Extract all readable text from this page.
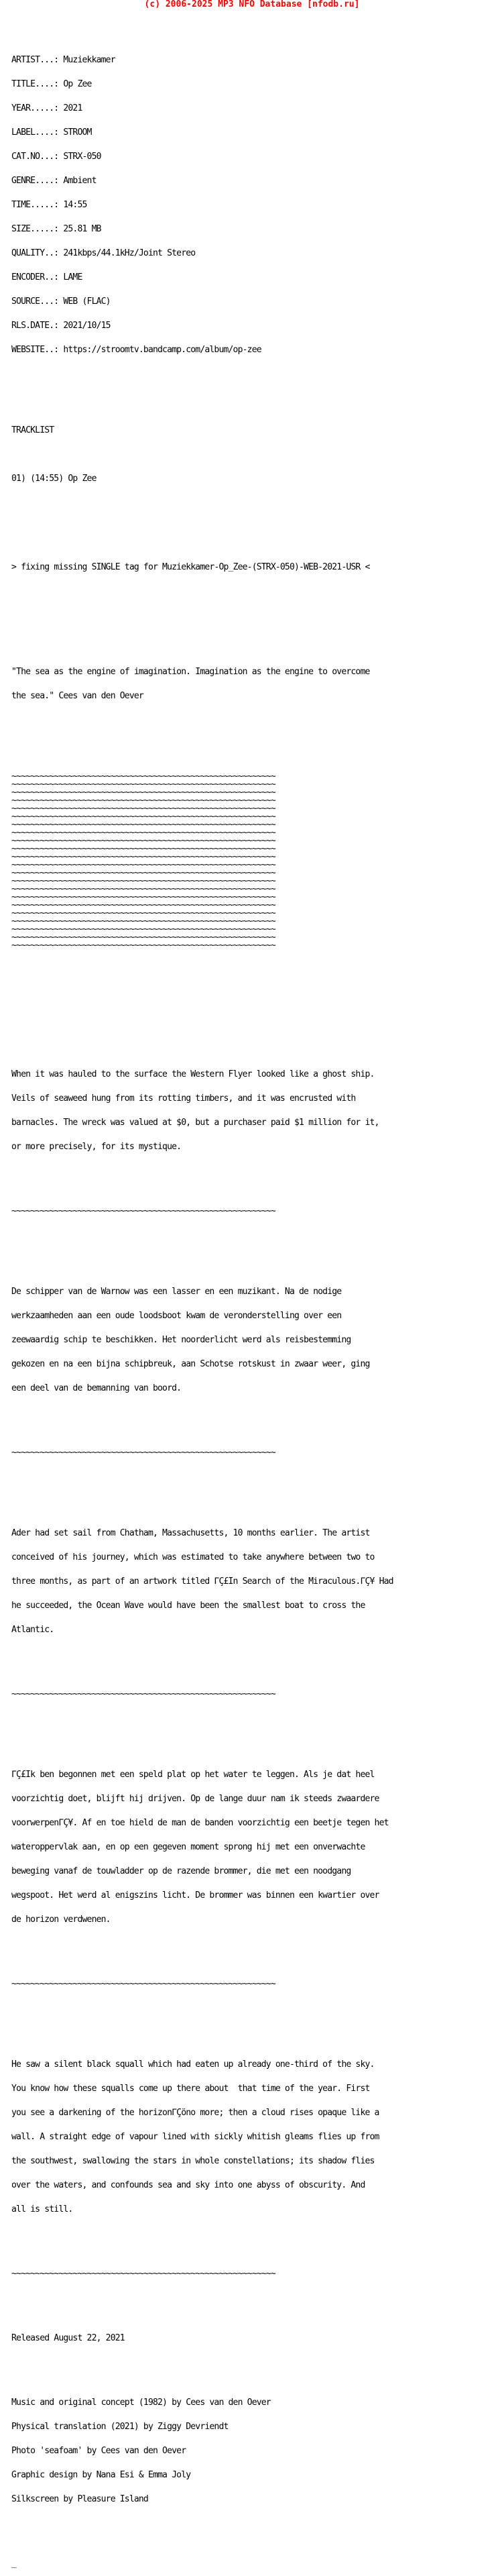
(c) 2006-2025 MP3 NFO Database [nfodb.ru]

ARTIST...: Muziekkamer

TITLE....: Op Zee

YEAR.....: 2021

LABEL....: STROOM

CAT.NO...: STRX-050

GENRE....: Ambient

TIME.....: 14:55

SIZE.....: 25.81 MB

QUALITY..: 241kbps/44.1kHz/Joint Stereo

ENCODER..: LAME

SOURCE...: WEB (FLAC)

RLS.DATE.: 2021/10/15

WEBSITE..: https://stroomtv.bandcamp.com/album/op-zee

TRACKLIST

01) (14:55) Op Zee

> fixing missing SINGLE tag for Muziekkamer-Op_Zee-(STRX-050)-WEB-2021-USR <

"The sea as the engine of imagination. Imagination as the engine to overcome

the sea." Cees van den Oever

~~~~~~~~~~~~~~~~~~~~~~~~~~~~~~~~~~~~~~~~~~~~~~~~~~~~~~~~
~~~~~~~~~~~~~~~~~~~~~~~~~~~~~~~~~~~~~~~~~~~~~~~~~~~~~~~~
~~~~~~~~~~~~~~~~~~~~~~~~~~~~~~~~~~~~~~~~~~~~~~~~~~~~~~~~
~~~~~~~~~~~~~~~~~~~~~~~~~~~~~~~~~~~~~~~~~~~~~~~~~~~~~~~~
~~~~~~~~~~~~~~~~~~~~~~~~~~~~~~~~~~~~~~~~~~~~~~~~~~~~~~~~
~~~~~~~~~~~~~~~~~~~~~~~~~~~~~~~~~~~~~~~~~~~~~~~~~~~~~~~~
~~~~~~~~~~~~~~~~~~~~~~~~~~~~~~~~~~~~~~~~~~~~~~~~~~~~~~~~
~~~~~~~~~~~~~~~~~~~~~~~~~~~~~~~~~~~~~~~~~~~~~~~~~~~~~~~~
~~~~~~~~~~~~~~~~~~~~~~~~~~~~~~~~~~~~~~~~~~~~~~~~~~~~~~~~
~~~~~~~~~~~~~~~~~~~~~~~~~~~~~~~~~~~~~~~~~~~~~~~~~~~~~~~~
~~~~~~~~~~~~~~~~~~~~~~~~~~~~~~~~~~~~~~~~~~~~~~~~~~~~~~~~
~~~~~~~~~~~~~~~~~~~~~~~~~~~~~~~~~~~~~~~~~~~~~~~~~~~~~~~~
~~~~~~~~~~~~~~~~~~~~~~~~~~~~~~~~~~~~~~~~~~~~~~~~~~~~~~~~
~~~~~~~~~~~~~~~~~~~~~~~~~~~~~~~~~~~~~~~~~~~~~~~~~~~~~~~~
~~~~~~~~~~~~~~~~~~~~~~~~~~~~~~~~~~~~~~~~~~~~~~~~~~~~~~~~
~~~~~~~~~~~~~~~~~~~~~~~~~~~~~~~~~~~~~~~~~~~~~~~~~~~~~~~~
~~~~~~~~~~~~~~~~~~~~~~~~~~~~~~~~~~~~~~~~~~~~~~~~~~~~~~~~
~~~~~~~~~~~~~~~~~~~~~~~~~~~~~~~~~~~~~~~~~~~~~~~~~~~~~~~~
~~~~~~~~~~~~~~~~~~~~~~~~~~~~~~~~~~~~~~~~~~~~~~~~~~~~~~~~
~~~~~~~~~~~~~~~~~~~~~~~~~~~~~~~~~~~~~~~~~~~~~~~~~~~~~~~~
~~~~~~~~~~~~~~~~~~~~~~~~~~~~~~~~~~~~~~~~~~~~~~~~~~~~~~~~
~~~~~~~~~~~~~~~~~~~~~~~~~~~~~~~~~~~~~~~~~~~~~~~~~~~~~~~~

When it was hauled to the surface the Western Flyer looked like a ghost ship.

Veils of seaweed hung from its rotting timbers, and it was encrusted with

barnacles. The wreck was valued at $0, but a purchaser paid $1 million for it,

or more precisely, for its mystique.

~~~~~~~~~~~~~~~~~~~~~~~~~~~~~~~~~~~~~~~~~~~~~~~~~~~~~~~~

De schipper van de Warnow was een lasser en een muzikant. Na de nodige

werkzaamheden aan een oude loodsboot kwam de veronderstelling over een

zeewaardig schip te beschikken. Het noorderlicht werd als reisbestemming

gekozen en na een bijna schipbreuk, aan Schotse rotskust in zwaar weer, ging

een deel van de bemanning van boord.

~~~~~~~~~~~~~~~~~~~~~~~~~~~~~~~~~~~~~~~~~~~~~~~~~~~~~~~~

Ader had set sail from Chatham, Massachusetts, 10 months earlier. The artist

conceived of his journey, which was estimated to take anywhere between two to

three months, as part of an artwork titled ΓÇ£In Search of the Miraculous.ΓÇ¥ Had

he succeeded, the Ocean Wave would have been the smallest boat to cross the

Atlantic.

~~~~~~~~~~~~~~~~~~~~~~~~~~~~~~~~~~~~~~~~~~~~~~~~~~~~~~~~

ΓÇ£Ik ben begonnen met een speld plat op het water te leggen. Als je dat heel

voorzichtig doet, blijft hij drijven. Op de lange duur nam ik steeds zwaardere

voorwerpenΓÇ¥. Af en toe hield de man de banden voorzichtig een beetje tegen het

wateroppervlak aan, en op een gegeven moment sprong hij met een onverwachte

beweging vanaf de touwladder op de razende brommer, die met een noodgang

wegspoot. Het werd al enigszins licht. De brommer was binnen een kwartier over

de horizon verdwenen.

~~~~~~~~~~~~~~~~~~~~~~~~~~~~~~~~~~~~~~~~~~~~~~~~~~~~~~~~

He saw a silent black squall which had eaten up already one-third of the sky.

You know how these squalls come up there about  that time of the year. First

you see a darkening of the horizonΓÇöno more; then a cloud rises opaque like a

wall. A straight edge of vapour lined with sickly whitish gleams flies up from

the southwest, swallowing the stars in whole constellations; its shadow flies

over the waters, and confounds sea and sky into one abyss of obscurity. And

all is still.

~~~~~~~~~~~~~~~~~~~~~~~~~~~~~~~~~~~~~~~~~~~~~~~~~~~~~~~~

Released August 22, 2021

Music and original concept (1982) by Cees van den Oever

Physical translation (2021) by Ziggy Devriendt

Photo 'seafoam' by Cees van den Oever

Graphic design by Nana Esi & Emma Joly

Silkscreen by Pleasure Island

_
